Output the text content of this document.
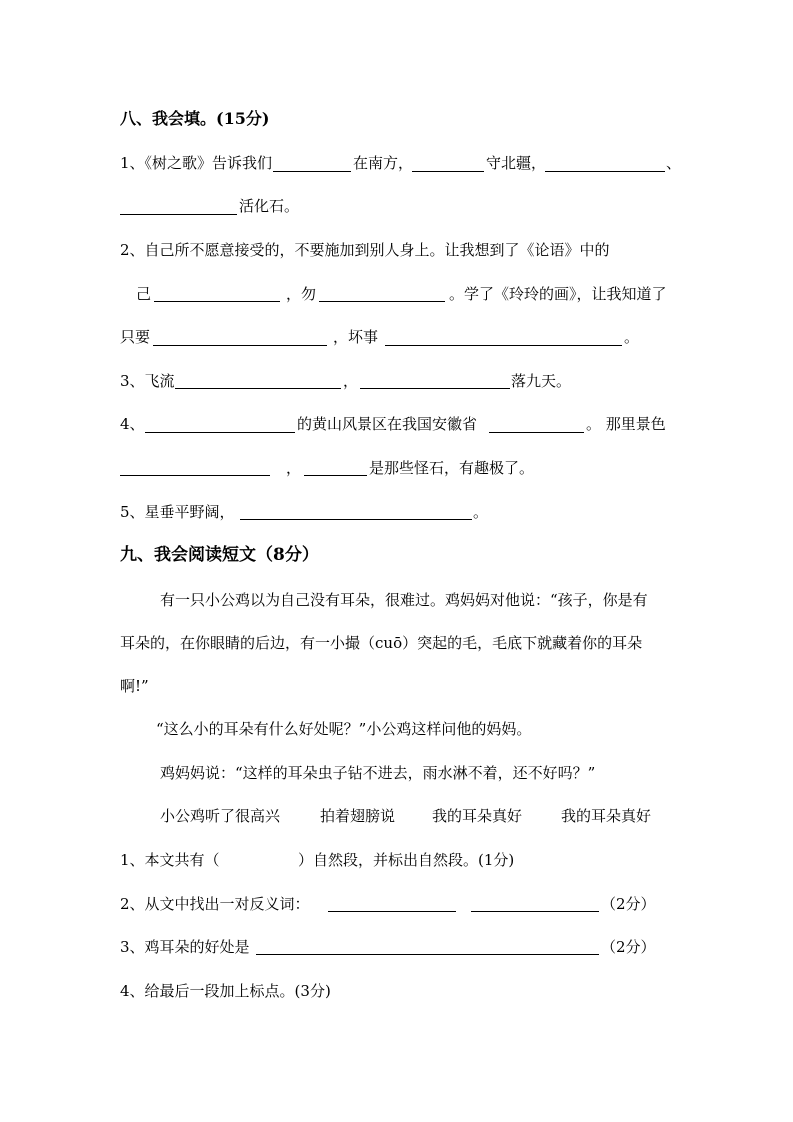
八、我会填。(15分)
1、《树之歌》告诉我们	在南方，	守北疆，	、
活化石。
2、自己所不愿意接受的，不要施加到别人身上。让我想到了《论语》中的
己	，勿	。学了《玲玲的画》，让我知道了
只要	，坏事	。
3、飞流	，	落九天。
4、	的黄山风景区在我国安徽省	。 那里景色
，	是那些怪石，有趣极了。
5、星垂平野阔，	。
九、我会阅读短文（8分）
有一只小公鸡以为自己没有耳朵，很难过。鸡妈妈对他说：“孩子，你是有
耳朵的，在你眼睛的后边，有一小撮（cuō）突起的毛，毛底下就藏着你的耳朵
啊!”
“这么小的耳朵有什么好处呢？”小公鸡这样问他的妈妈。
鸡妈妈说：“这样的耳朵虫子钻不进去，雨水淋不着，还不好吗？”
小公鸡听了很高兴	拍着翅膀说 我的耳朵真好	我的耳朵真好
1、本文共有（	）自然段，并标出自然段。(1分)
2、从文中找出一对反义词：	（2分）
3、鸡耳朵的好处是	（2分）
4、给最后一段加上标点。(3分)
